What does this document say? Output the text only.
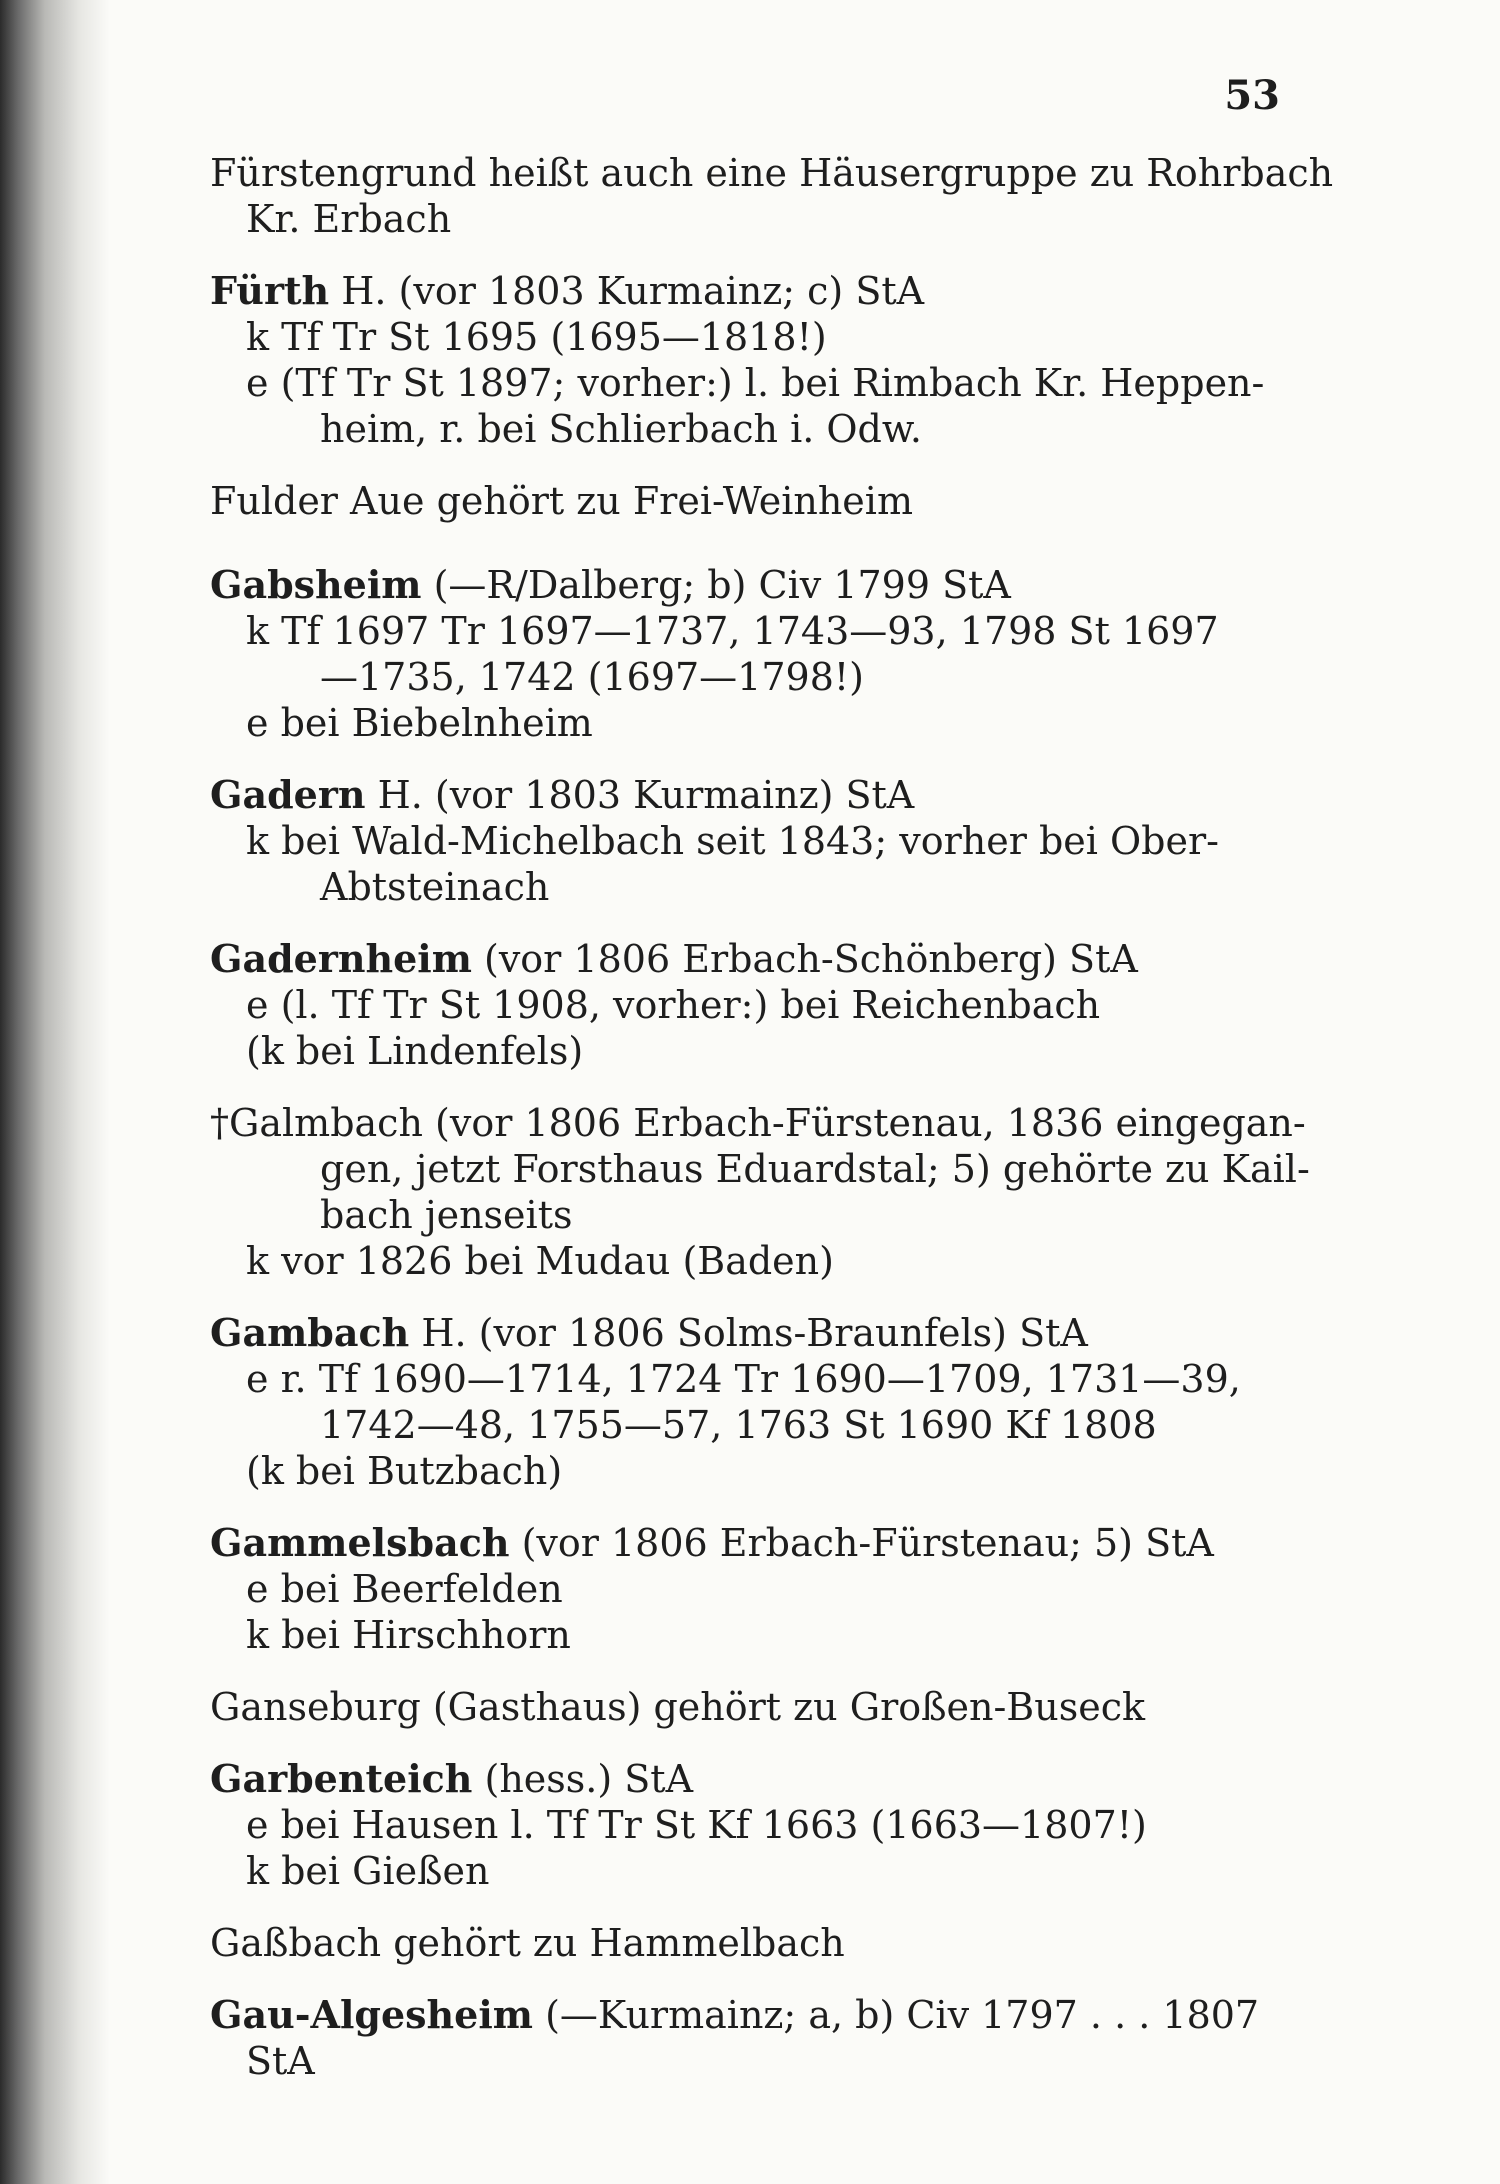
53
Fürstengrund heißt auch eine Häusergruppe zu Rohrbach
Kr. Erbach
Fürth H. (vor 1803 Kurmainz; c) StA
k Tf Tr St 1695 (1695—1818!)
e (Tf Tr St 1897; vorher:) l. bei Rimbach Kr. Heppen-
heim, r. bei Schlierbach i. Odw.
Fulder Aue gehört zu Frei-Weinheim
Gabsheim (—R/Dalberg; b) Civ 1799 StA
k Tf 1697 Tr 1697—1737, 1743—93, 1798 St 1697
—1735, 1742 (1697—1798!)
e bei Biebelnheim
Gadern H. (vor 1803 Kurmainz) StA
k bei Wald-Michelbach seit 1843; vorher bei Ober-
Abtsteinach
Gadernheim (vor 1806 Erbach-Schönberg) StA
e (l. Tf Tr St 1908, vorher:) bei Reichenbach
(k bei Lindenfels)
†Galmbach (vor 1806 Erbach-Fürstenau, 1836 eingegan-
gen, jetzt Forsthaus Eduardstal; 5) gehörte zu Kail-
bach jenseits
k vor 1826 bei Mudau (Baden)
Gambach H. (vor 1806 Solms-Braunfels) StA
e r. Tf 1690—1714, 1724 Tr 1690—1709, 1731—39,
1742—48, 1755—57, 1763 St 1690 Kf 1808
(k bei Butzbach)
Gammelsbach (vor 1806 Erbach-Fürstenau; 5) StA
e bei Beerfelden
k bei Hirschhorn
Ganseburg (Gasthaus) gehört zu Großen-Buseck
Garbenteich (hess.) StA
e bei Hausen l. Tf Tr St Kf 1663 (1663—1807!)
k bei Gießen
Gaßbach gehört zu Hammelbach
Gau-Algesheim (—Kurmainz; a, b) Civ 1797 . . . 1807
StA
